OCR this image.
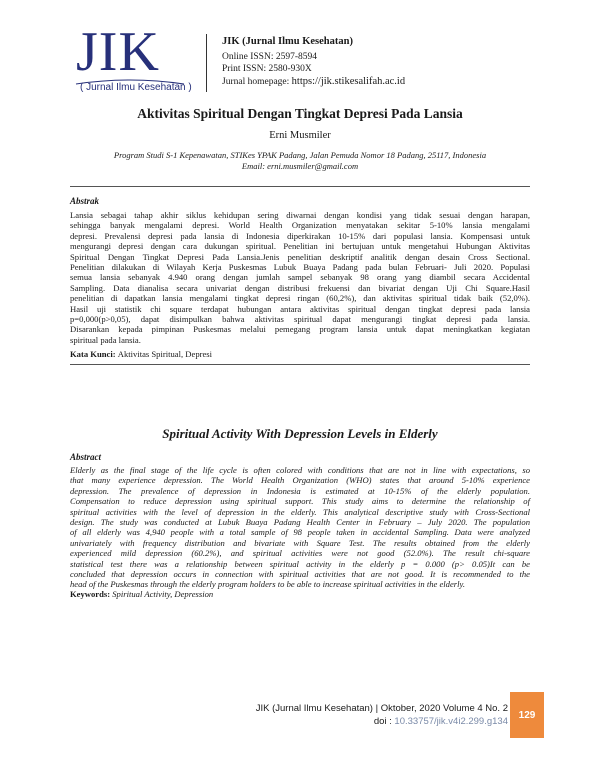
JIK
( Jurnal Ilmu Kesehatan )
JIK (Jurnal Ilmu Kesehatan)
Online ISSN: 2597-8594
Print ISSN: 2580-930X
Jurnal homepage: https://jik.stikesalifah.ac.id
Aktivitas Spiritual Dengan Tingkat Depresi Pada Lansia
Erni Musmiler
Program Studi S-1 Kepenawatan, STIKes YPAK Padang, Jalan Pemuda Nomor 18 Padang, 25117, Indonesia
Email: erni.musmiler@gmail.com
Abstrak
Lansia sebagai tahap akhir siklus kehidupan sering diwarnai dengan kondisi yang tidak sesuai dengan harapan,
sehingga banyak mengalami depresi. World Health Organization menyatakan sekitar 5-10% lansia mengalami
depresi. Prevalensi depresi pada lansia di Indonesia diperkirakan 10-15% dari populasi lansia. Kompensasi untuk
mengurangi depresi dengan cara dukungan spiritual. Penelitian ini bertujuan untuk mengetahui Hubungan Aktivitas
Spiritual Dengan Tingkat Depresi Pada Lansia.Jenis penelitian deskriptif analitik dengan desain Cross Sectional.
Penelitian dilakukan di Wilayah Kerja Puskesmas Lubuk Buaya Padang pada bulan Februari- Juli 2020. Populasi
semua lansia sebanyak 4.940 orang dengan jumlah sampel sebanyak 98 orang yang diambil secara Accidental
Sampling. Data dianalisa secara univariat dengan distribusi frekuensi dan bivariat dengan Uji Chi Square.Hasil
penelitian di dapatkan lansia mengalami tingkat depresi ringan (60,2%), dan aktivitas spiritual tidak baik (52,0%).
Hasil uji statistik chi square terdapat hubungan antara aktivitas spiritual dengan tingkat depresi pada lansia
p=0,000(p>0,05), dapat disimpulkan bahwa aktivitas spiritual dapat mengurangi tingkat depresi pada lansia.
Disarankan kepada pimpinan Puskesmas melalui pemegang program lansia untuk dapat meningkatkan kegiatan
spiritual pada lansia.
Kata Kunci: Aktivitas Spiritual, Depresi
Spiritual Activity With Depression Levels in Elderly
Abstract
Elderly as the final stage of the life cycle is often colored with conditions that are not in line with expectations, so
that many experience depression. The World Health Organization (WHO) states that around 5-10% experience
depression. The prevalence of depression in Indonesia is estimated at 10-15% of the elderly population.
Compensation to reduce depression using spiritual support. This study aims to determine the relationship of
spiritual activities with the level of depression in the elderly. This analytical descriptive study with Cross-Sectional
design. The study was conducted at Lubuk Buaya Padang Health Center in February – July 2020. The population
of all elderly was 4,940 people with a total sample of 98 people taken in accidental Sampling. Data were analyzed
univariately with frequency distribution and bivariate with Square Test. The results obtained from the elderly
experienced mild depression (60.2%), and spiritual activities were not good (52.0%). The result chi-square
statistical test there was a relationship between spiritual activity in the elderly p = 0.000 (p> 0.05)It can be
concluded that depression occurs in connection with spiritual activities that are not good. It is recommended to the
head of the Puskesmas through the elderly program holders to be able to increase spiritual activities in the elderly.
Keywords: Spiritual Activity, Depression
JIK (Jurnal Ilmu Kesehatan) | Oktober, 2020 Volume 4 No. 2
doi : 10.33757/jik.v4i2.299.g134
129
